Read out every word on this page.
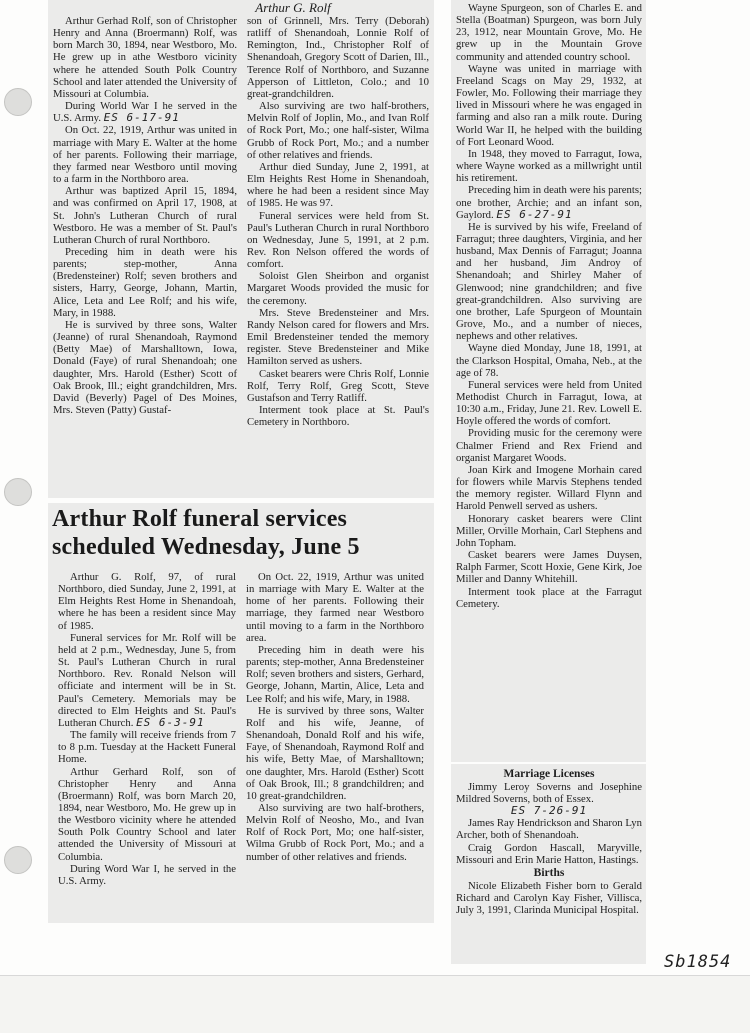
Arthur G. Rolf

Arthur Gerhad Rolf, son of Christopher Henry and Anna (Broermann) Rolf, was born March 30, 1894, near Westboro, Mo. He grew up in athe Westboro vicinity where he attended South Polk Country School and later attended the University of Missouri at Columbia.

During World War I he served in the U.S. Army. ES 6-17-91

On Oct. 22, 1919, Arthur was united in marriage with Mary E. Walter at the home of her parents. Following their marriage, they farmed near Westboro until moving to a farm in the Northboro area.

Arthur was baptized April 15, 1894, and was confirmed on April 17, 1908, at St. John's Lutheran Church of rural Westboro. He was a member of St. Paul's Lutheran Church of rural Northboro.

Preceding him in death were his parents; step-mother, Anna (Bredensteiner) Rolf; seven brothers and sisters, Harry, George, Johann, Martin, Alice, Leta and Lee Rolf; and his wife, Mary, in 1988.

He is survived by three sons, Walter (Jeanne) of rural Shenandoah, Raymond (Betty Mae) of Marshalltown, Iowa, Donald (Faye) of rural Shenandoah; one daughter, Mrs. Harold (Esther) Scott of Oak Brook, Ill.; eight grandchildren, Mrs. David (Beverly) Pagel of Des Moines, Mrs. Steven (Patty) Gustaf-

son of Grinnell, Mrs. Terry (Deborah) ratliff of Shenandoah, Lonnie Rolf of Remington, Ind., Christopher Rolf of Shenandoah, Gregory Scott of Darien, Ill., Terence Rolf of Northboro, and Suzanne Apperson of Littleton, Colo.; and 10 great-grandchildren.

Also surviving are two half-brothers, Melvin Rolf of Joplin, Mo., and Ivan Rolf of Rock Port, Mo.; one half-sister, Wilma Grubb of Rock Port, Mo.; and a number of other relatives and friends.

Arthur died Sunday, June 2, 1991, at Elm Heights Rest Home in Shenandoah, where he had been a resident since May of 1985. He was 97.

Funeral services were held from St. Paul's Lutheran Church in rural Northboro on Wednesday, June 5, 1991, at 2 p.m. Rev. Ron Nelson offered the words of comfort.

Soloist Glen Sheirbon and organist Margaret Woods provided the music for the ceremony.

Mrs. Steve Bredensteiner and Mrs. Randy Nelson cared for flowers and Mrs. Emil Bredensteiner tended the memory register. Steve Bredensteiner and Mike Hamilton served as ushers.

Casket bearers were Chris Rolf, Lonnie Rolf, Terry Rolf, Greg Scott, Steve Gustafson and Terry Ratliff.

Interment took place at St. Paul's Cemetery in Northboro.

Arthur Rolf funeral services scheduled Wednesday, June 5

Arthur G. Rolf, 97, of rural Northboro, died Sunday, June 2, 1991, at Elm Heights Rest Home in Shenandoah, where he has been a resident since May of 1985.

Funeral services for Mr. Rolf will be held at 2 p.m., Wednesday, June 5, from St. Paul's Lutheran Church in rural Northboro. Rev. Ronald Nelson will officiate and interment will be in St. Paul's Cemetery. Memorials may be directed to Elm Heights and St. Paul's Lutheran Church. ES 6-3-91

The family will receive friends from 7 to 8 p.m. Tuesday at the Hackett Funeral Home.

Arthur Gerhard Rolf, son of Christopher Henry and Anna (Broermann) Rolf, was born March 20, 1894, near Westboro, Mo. He grew up in the Westboro vicinity where he attended South Polk Country School and later attended the University of Missouri at Columbia.

During Word War I, he served in the U.S. Army.

On Oct. 22, 1919, Arthur was united in marriage with Mary E. Walter at the home of her parents. Following their marriage, they farmed near Westboro until moving to a farm in the Northboro area.

Preceding him in death were his parents; step-mother, Anna Bredensteiner Rolf; seven brothers and sisters, Gerhard, George, Johann, Martin, Alice, Leta and Lee Rolf; and his wife, Mary, in 1988.

He is survived by three sons, Walter Rolf and his wife, Jeanne, of Shenandoah, Donald Rolf and his wife, Faye, of Shenandoah, Raymond Rolf and his wife, Betty Mae, of Marshalltown; one daughter, Mrs. Harold (Esther) Scott of Oak Brook, Ill.; 8 grandchildren; and 10 great-grandchildren.

Also surviving are two half-brothers, Melvin Rolf of Neosho, Mo., and Ivan Rolf of Rock Port, Mo; one half-sister, Wilma Grubb of Rock Port, Mo.; and a number of other relatives and friends.

Wayne Spurgeon, son of Charles E. and Stella (Boatman) Spurgeon, was born July 23, 1912, near Mountain Grove, Mo. He grew up in the Mountain Grove community and attended country school.

Wayne was united in marriage with Freeland Scags on May 29, 1932, at Fowler, Mo. Following their marriage they lived in Missouri where he was engaged in farming and also ran a milk route. During World War II, he helped with the building of Fort Leonard Wood.

In 1948, they moved to Farragut, Iowa, where Wayne worked as a millwright until his retirement.

Preceding him in death were his parents; one brother, Archie; and an infant son, Gaylord. ES 6-27-91

He is survived by his wife, Freeland of Farragut; three daughters, Virginia, and her husband, Max Dennis of Farragut; Joanna and her husband, Jim Androy of Shenandoah; and Shirley Maher of Glenwood; nine grandchildren; and five great-grandchildren. Also surviving are one brother, Lafe Spurgeon of Mountain Grove, Mo., and a number of nieces, nephews and other relatives.

Wayne died Monday, June 18, 1991, at the Clarkson Hospital, Omaha, Neb., at the age of 78.

Funeral services were held from United Methodist Church in Farragut, Iowa, at 10:30 a.m., Friday, June 21. Rev. Lowell E. Hoyle offered the words of comfort.

Providing music for the ceremony were Chalmer Friend and Rex Friend and organist Margaret Woods.

Joan Kirk and Imogene Morhain cared for flowers while Marvis Stephens tended the memory register. Willard Flynn and Harold Penwell served as ushers.

Honorary casket bearers were Clint Miller, Orville Morhain, Carl Stephens and John Topham.

Casket bearers were James Duysen, Ralph Farmer, Scott Hoxie, Gene Kirk, Joe Miller and Danny Whitehill.

Interment took place at the Farragut Cemetery.

Marriage Licenses

Jimmy Leroy Soverns and Josephine Mildred Soverns, both of Essex.

ES 7-26-91

James Ray Hendrickson and Sharon Lyn Archer, both of Shenandoah.

Craig Gordon Hascall, Maryville, Missouri and Erin Marie Hatton, Hastings.

Births

Nicole Elizabeth Fisher born to Gerald Richard and Carolyn Kay Fisher, Villisca, July 3, 1991, Clarinda Municipal Hospital.

Sb1854
